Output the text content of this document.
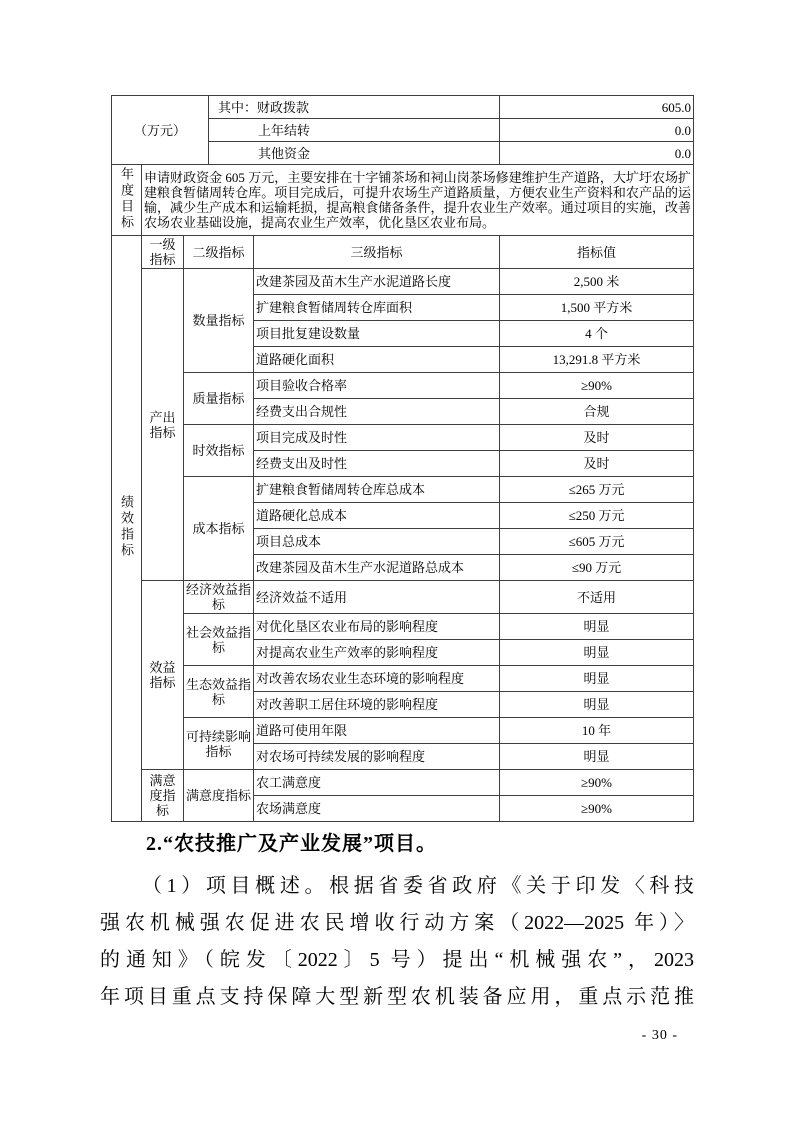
（万元）			其中：财政拨款		605.0
			上年结转		0.0
			其他资金		0.0
年度目标	申请财政资金 605 万元，主要安排在十字铺茶场和祠山岗茶场修建维护生产道路，大圹圩农场扩建粮食暂储周转仓库。项目完成后，可提升农场生产道路质量，方便农业生产资料和农产品的运输，减少生产成本和运输耗损，提高粮食储备条件，提升农业生产效率。通过项目的实施，改善农场农业基础设施，提高农业生产效率，优化垦区农业布局。				
绩效指标	一级指标	二级指标		三级指标	指标值
	产出指标	数量指标		改建茶园及苗木生产水泥道路长度	2,500 米
				扩建粮食暂储周转仓库面积	1,500 平方米
				项目批复建设数量	4 个
				道路硬化面积	13,291.8 平方米
		质量指标		项目验收合格率	≥90%
				经费支出合规性	合规
		时效指标		项目完成及时性	及时
				经费支出及时性	及时
		成本指标		扩建粮食暂储周转仓库总成本	≤265 万元
				道路硬化总成本	≤250 万元
				项目总成本	≤605 万元
				改建茶园及苗木生产水泥道路总成本	≤90 万元
	效益指标	经济效益指标		经济效益不适用	不适用
		社会效益指标		对优化垦区农业布局的影响程度	明显
				对提高农业生产效率的影响程度	明显
		生态效益指标		对改善农场农业生态环境的影响程度	明显
				对改善职工居住环境的影响程度	明显
		可持续影响指标		道路可使用年限	10 年
				对农场可持续发展的影响程度	明显
	满意度指标	满意度指标		农工满意度	≥90%
				农场满意度	≥90%
2.“农技推广及产业发展”项目。
（1）项目概述。根据省委省政府《关于印发〈科技
强农机械强农促进农民增收行动方案（2022—2025 年）〉
的通知》（皖发〔2022〕5 号）提出“机械强农”，2023
年项目重点支持保障大型新型农机装备应用，重点示范推
- 30 -
